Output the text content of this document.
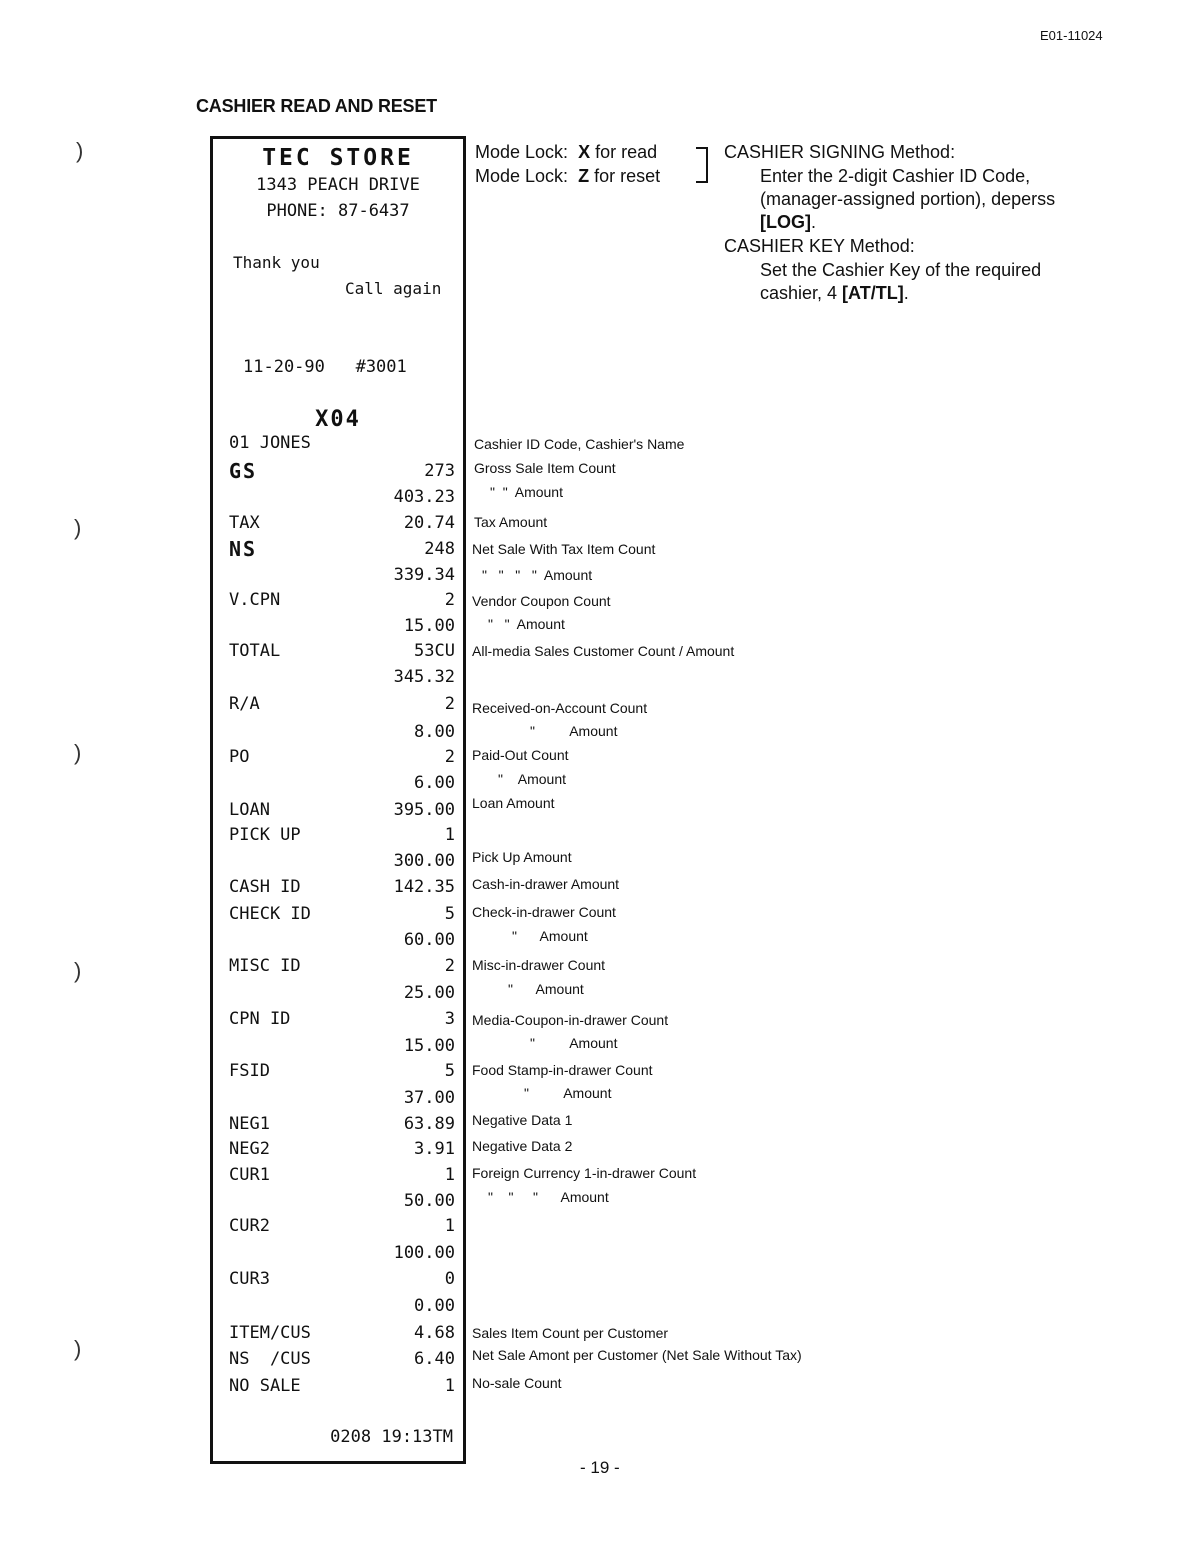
E01-11024
CASHIER READ AND RESET
)
)
)
)
)
TEC STORE
1343 PEACH DRIVE
PHONE: 87-6437
Thank you
Call again
11-20-90   #3001
X04
01 JONES
GS	273
403.23
TAX	20.74
NS	248
339.34
V.CPN	2
15.00
TOTAL	53CU
345.32
R/A	2
8.00
PO	2
6.00
LOAN	395.00
PICK UP	1
300.00
CASH ID	142.35
CHECK ID	5
60.00
MISC ID	2
25.00
CPN ID	3
15.00
FSID	5
37.00
NEG1	63.89
NEG2	3.91
CUR1	1
50.00
CUR2	1
100.00
CUR3	0
0.00
ITEM/CUS	4.68
NS  /CUS	6.40
NO SALE	1
0208 19:13TM
Mode Lock:  X for read
Mode Lock:  Z for reset
CASHIER SIGNING Method:
Enter the 2-digit Cashier ID Code,
(manager-assigned portion), deperss
[LOG].
CASHIER KEY Method:
Set the Cashier Key of the required
cashier, 4 [AT/TL].
Cashier ID Code, Cashier's Name
Gross Sale Item Count
"  "  Amount
Tax Amount
Net Sale With Tax Item Count
"   "   "   "  Amount
Vendor Coupon Count
"   "  Amount
All-media Sales Customer Count / Amount
Received-on-Account Count
"         Amount
Paid-Out Count
"    Amount
Loan Amount
Pick Up Amount
Cash-in-drawer Amount
Check-in-drawer Count
"      Amount
Misc-in-drawer Count
"      Amount
Media-Coupon-in-drawer Count
"         Amount
Food Stamp-in-drawer Count
"         Amount
Negative Data 1
Negative Data 2
Foreign Currency 1-in-drawer Count
"    "     "      Amount
Sales Item Count per Customer
Net Sale Amont per Customer (Net Sale Without Tax)
No-sale Count
- 19 -
